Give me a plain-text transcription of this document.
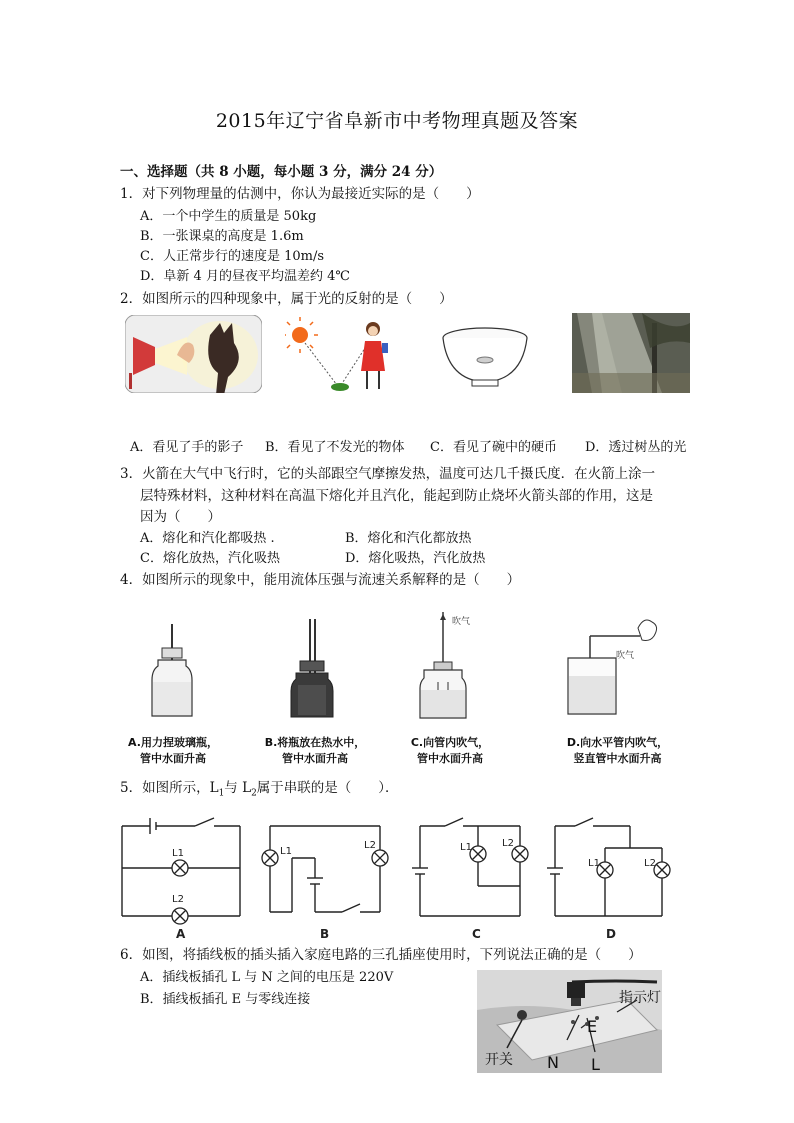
2015年辽宁省阜新市中考物理真题及答案
一、选择题（共 8 小题，每小题 3 分，满分 24 分）
1．对下列物理量的估测中，你认为最接近实际的是（　　）
A．一个中学生的质量是 50kg
B．一张课桌的高度是 1.6m
C．人正常步行的速度是 10m/s
D．阜新 4 月的昼夜平均温差约 4℃
2．如图所示的四种现象中，属于光的反射的是（　　）
A．看见了手的影子 B．看见了不发光的物体 C．看见了碗中的硬币 D．透过树丛的光
3．火箭在大气中飞行时，它的头部跟空气摩擦发热，温度可达几千摄氏度．在火箭上涂一
层特殊材料，这种材料在高温下熔化并且汽化，能起到防止烧坏火箭头部的作用，这是
因为（　　）
A．熔化和汽化都吸热 .	B．熔化和汽化都放热
C．熔化放热，汽化吸热	D．熔化吸热，汽化放热
4．如图所示的现象中，能用流体压强与流速关系解释的是（　　）
吹气
吹气
A.用力捏玻璃瓶，
管中水面升高
B.将瓶放在热水中，
管中水面升高
C.向管内吹气，
管中水面升高
D.向水平管内吹气，
竖直管中水面升高
5．如图所示，$L_1$与 $L_2$属于串联的是（　　）．
L1
L2
L1
L2	L1	L2
L1	L2
A	B	C	D
6．如图，将插线板的插头插入家庭电路的三孔插座使用时，下列说法正确的是（　　）
A．插线板插孔 L 与 N 之间的电压是 220V
B．插线板插孔 E 与零线连接	指示灯
开关
E
N L
